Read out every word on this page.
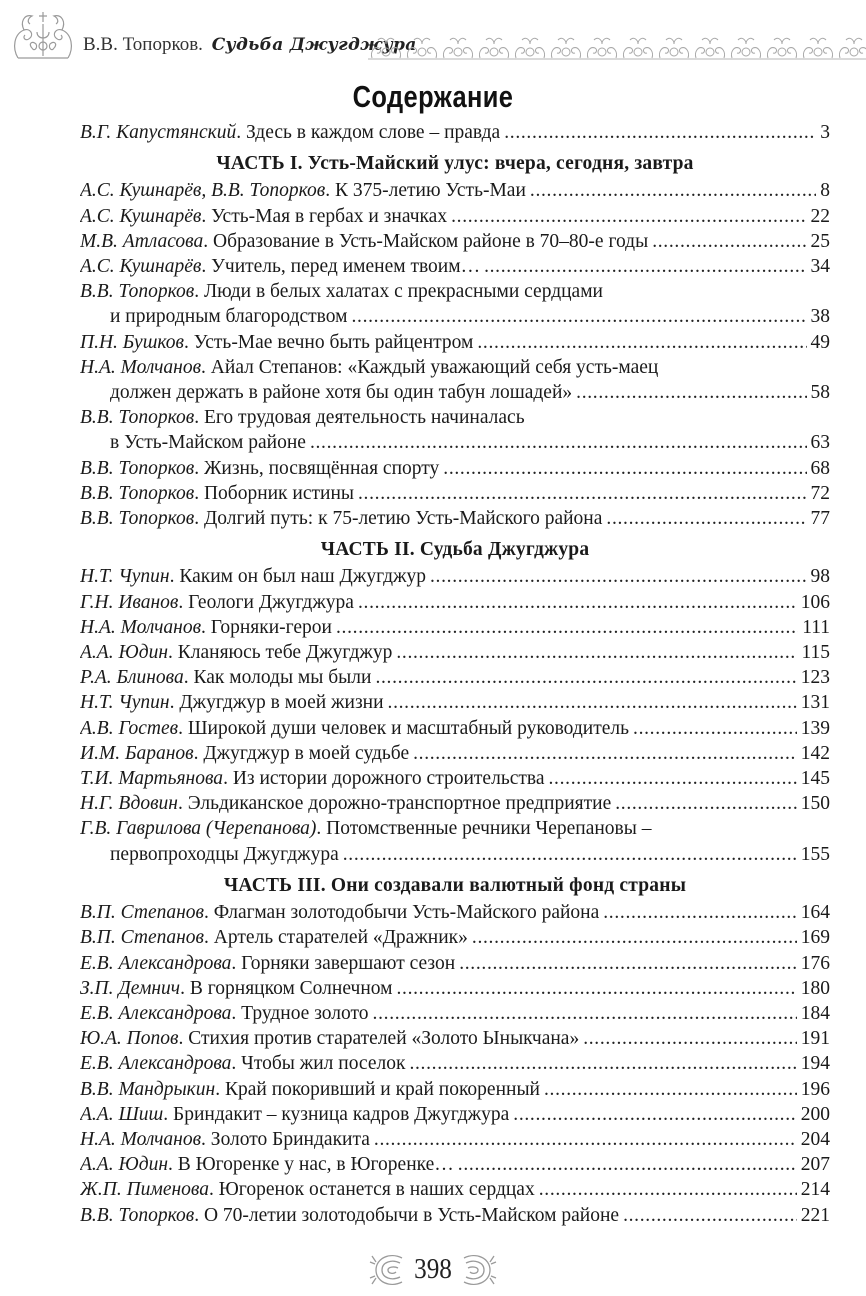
В.В. Топорков. Судьба Джугджура
Содержание
В.Г. Капустянский . Здесь в каждом слове – правда . . .	3
ЧАСТЬ I. Усть-Майский улус: вчера, сегодня, завтра
А.С. Кушнарёв, В.В. Топорков . К 375-летию Усть-Маи . . .	8
А.С. Кушнарёв . Усть-Мая в гербах и значках . . .	22
М.В. Атласова . Образование в Усть-Майском районе в 70–80-е годы . . .	25
А.С. Кушнарёв . Учитель, перед именем твоим… . . .	34
В.В. Топорков . Люди в белых халатах с прекрасными сердцами
и природным благородством . . .	38
П.Н. Бушков . Усть-Мае вечно быть райцентром . . .	49
Н.А. Молчанов . Айал Степанов: «Каждый уважающий себя усть-маец
должен держать в районе хотя бы один табун лошадей» . . .	58
В.В. Топорков . Его трудовая деятельность начиналась
в Усть-Майском районе . . .	63
В.В. Топорков . Жизнь, посвящённая спорту . . .	68
В.В. Топорков . Поборник истины . . .	72
В.В. Топорков . Долгий путь: к 75-летию Усть-Майского района . . .	77
ЧАСТЬ II. Судьба Джугджура
Н.Т. Чупин . Каким он был наш Джугджур . . .	98
Г.Н. Иванов . Геологи Джугджура . . .	106
Н.А. Молчанов . Горняки-герои . . .	111
А.А. Юдин . Кланяюсь тебе Джугджур . . .	115
Р.А. Блинова . Как молоды мы были . . .	123
Н.Т. Чупин . Джугджур в моей жизни . . .	131
А.В. Гостев . Широкой души человек и масштабный руководитель . . .	139
И.М. Баранов . Джугджур в моей судьбе . . .	142
Т.И. Мартьянова . Из истории дорожного строительства . . .	145
Н.Г. Вдовин . Эльдиканское дорожно-транспортное предприятие . . .	150
Г.В. Гаврилова (Черепанова) . Потомственные речники Черепановы –
первопроходцы Джугджура . . .	155
ЧАСТЬ III. Они создавали валютный фонд страны
В.П. Степанов . Флагман золотодобычи Усть-Майского района . . .	164
В.П. Степанов . Артель старателей «Дражник» . . .	169
Е.В. Александрова . Горняки завершают сезон . . .	176
З.П. Демнич . В горняцком Солнечном . . .	180
Е.В. Александрова . Трудное золото . . .	184
Ю.А. Попов . Стихия против старателей «Золото Ыныкчана» . . .	191
Е.В. Александрова . Чтобы жил поселок . . .	194
В.В. Мандрыкин . Край покоривший и край покоренный . . .	196
А.А. Шиш . Бриндакит – кузница кадров Джугджура . . .	200
Н.А. Молчанов . Золото Бриндакита . . .	204
А.А. Юдин . В Югоренке у нас, в Югоренке… . . .	207
Ж.П. Пименова . Югоренок останется в наших сердцах . . .	214
В.В. Топорков . О 70-летии золотодобычи в Усть-Майском районе . . .	221
398
